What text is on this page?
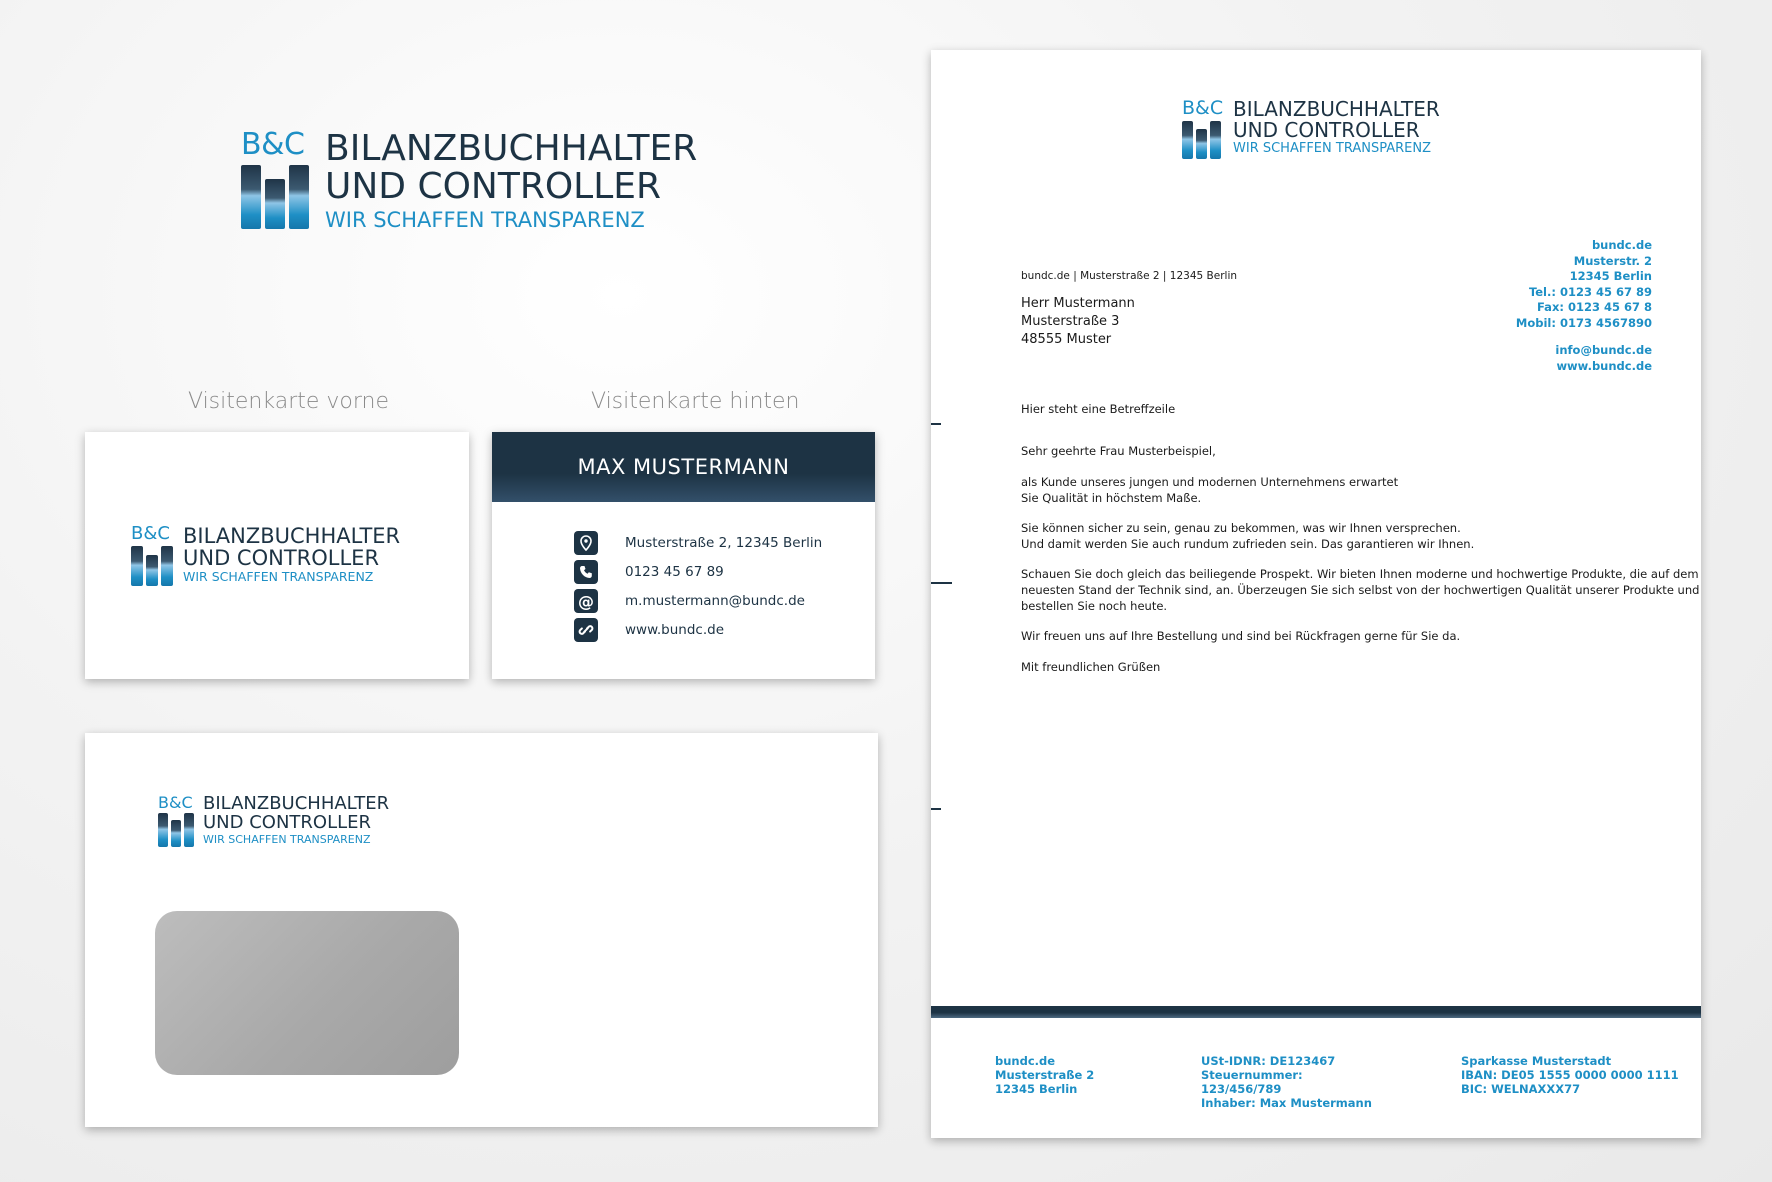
B&C BILANZBUCHHALTER
UND CONTROLLER
WIR SCHAFFEN TRANSPARENZ
Visitenkarte vorne	Visitenkarte hinten
B&C BILANZBUCHHALTER
UND CONTROLLER
WIR SCHAFFEN TRANSPARENZ
MAX MUSTERMANN
Musterstraße 2, 12345 Berlin
0123 45 67 89
@ m.mustermann@bundc.de
www.bundc.de
B&C BILANZBUCHHALTER
UND CONTROLLER
WIR SCHAFFEN TRANSPARENZ
B&C BILANZBUCHHALTER
UND CONTROLLER
WIR SCHAFFEN TRANSPARENZ
bundc.de
Musterstr. 2
12345 Berlin
Tel.: 0123 45 67 89
Fax: 0123 45 67 8
Mobil: 0173 4567890
info@bundc.de
www.bundc.de
bundc.de | Musterstraße 2 | 12345 Berlin
Herr Mustermann
Musterstraße 3
48555 Muster
Hier steht eine Betreffzeile
Sehr geehrte Frau Musterbeispiel,
als Kunde unseres jungen und modernen Unternehmens erwartet
Sie Qualität in höchstem Maße.
Sie können sicher zu sein, genau zu bekommen, was wir Ihnen versprechen.
Und damit werden Sie auch rundum zufrieden sein. Das garantieren wir Ihnen.
Schauen Sie doch gleich das beiliegende Prospekt. Wir bieten Ihnen moderne und hochwertige Produkte, die auf dem
neuesten Stand der Technik sind, an. Überzeugen Sie sich selbst von der hochwertigen Qualität unserer Produkte und
bestellen Sie noch heute.
Wir freuen uns auf Ihre Bestellung und sind bei Rückfragen gerne für Sie da.
Mit freundlichen Grüßen
bundc.de
Musterstraße 2
12345 Berlin
USt-IDNR: DE123467
Steuernummer:
123/456/789
Inhaber: Max Mustermann
Sparkasse Musterstadt
IBAN: DE05 1555 0000 0000 1111
BIC: WELNAXXX77
